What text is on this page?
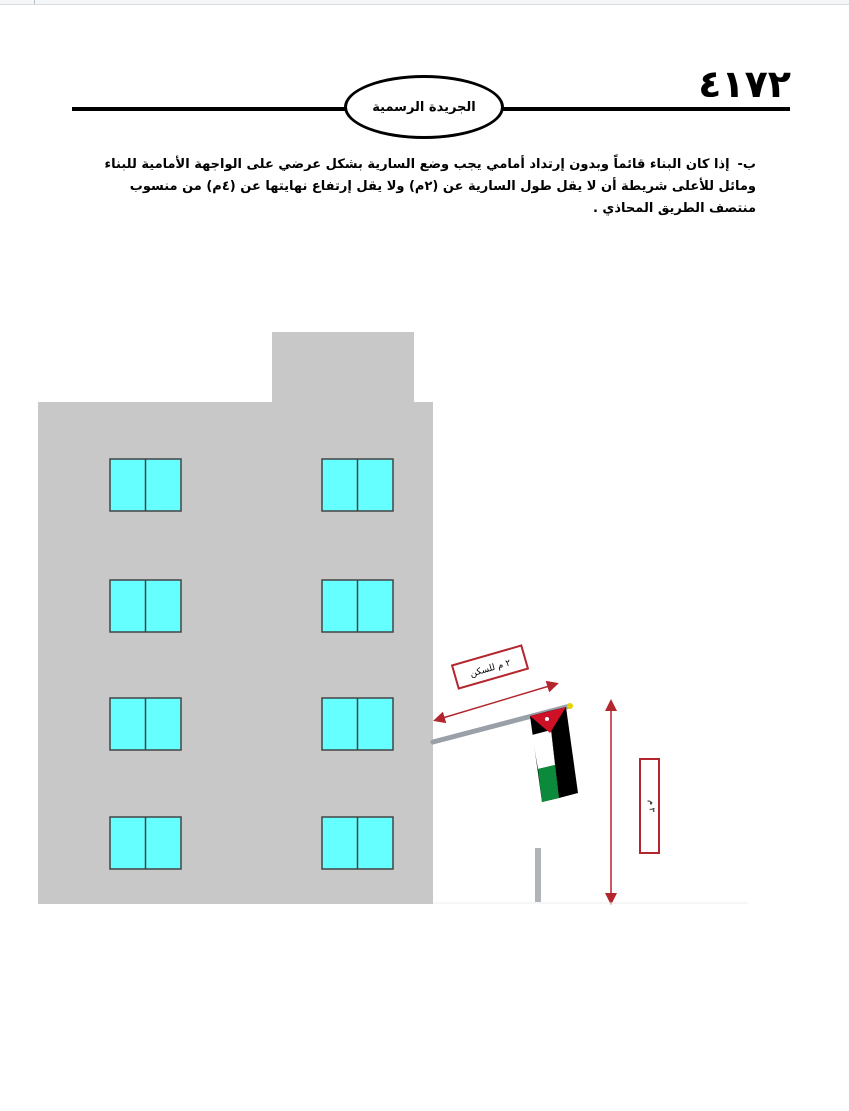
٤١٧٢
الجريدة الرسمية
ب-إذا كان البناء قائماً وبدون إرتداد أمامي يجب وضع السارية بشكل عرضي على الواجهة الأمامية للبناء ومائل للأعلى شريطة أن لا يقل طول السارية عن (٢م) ولا يقل إرتفاع نهايتها عن (٤م) من منسوب منتصف الطريق المحاذي .
٢ م للسكن
٣ م
